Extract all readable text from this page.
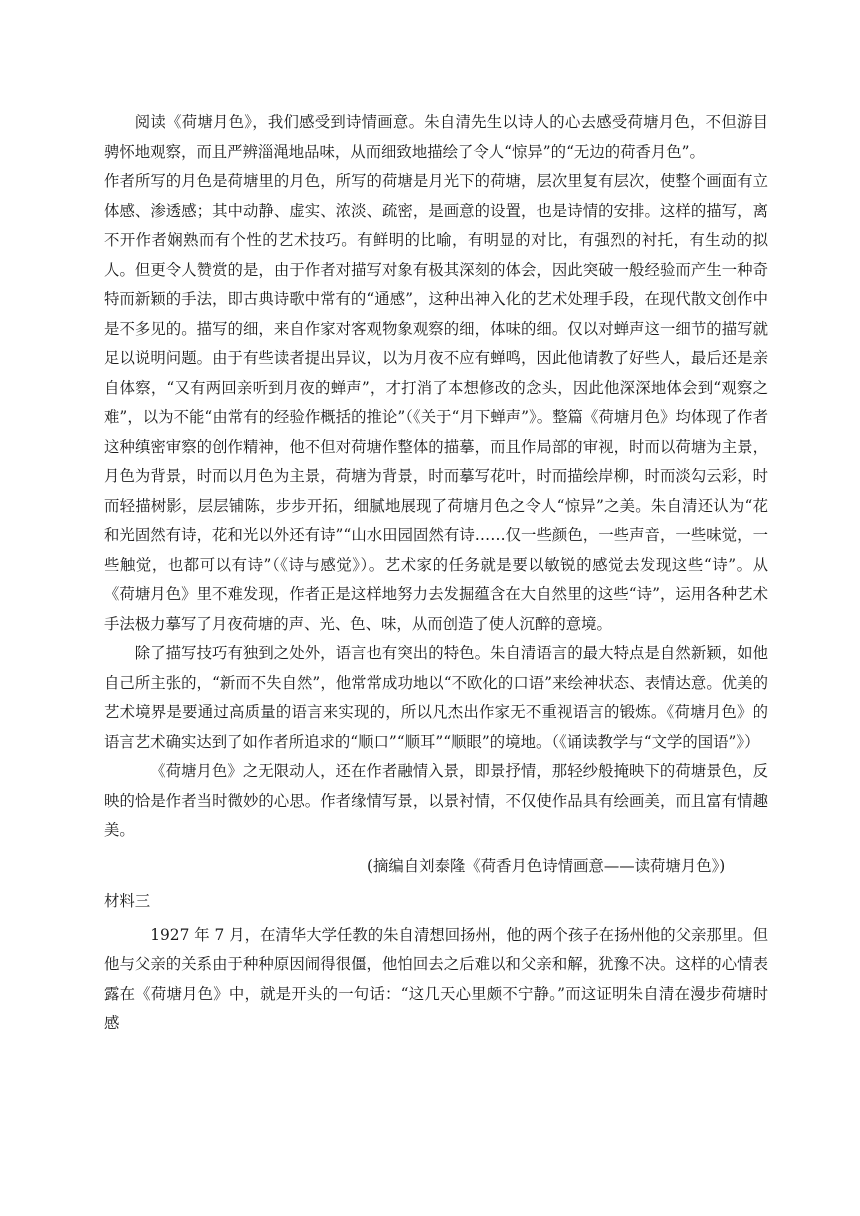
阅读《荷塘月色》，我们感受到诗情画意。朱自清先生以诗人的心去感受荷塘月色，不但游目骋怀地观察，而且严辨淄渑地品味，从而细致地描绘了令人“惊异”的“无边的荷香月色”。

作者所写的月色是荷塘里的月色，所写的荷塘是月光下的荷塘，层次里复有层次，使整个画面有立体感、渗透感；其中动静、虚实、浓淡、疏密，是画意的设置，也是诗情的安排。这样的描写，离不开作者娴熟而有个性的艺术技巧。有鲜明的比喻，有明显的对比，有强烈的衬托，有生动的拟人。但更令人赞赏的是，由于作者对描写对象有极其深刻的体会，因此突破一般经验而产生一种奇特而新颖的手法，即古典诗歌中常有的“通感”，这种出神入化的艺术处理手段，在现代散文创作中是不多见的。描写的细，来自作家对客观物象观察的细，体味的细。仅以对蝉声这一细节的描写就足以说明问题。由于有些读者提出异议，以为月夜不应有蝉鸣，因此他请教了好些人，最后还是亲自体察，“又有两回亲听到月夜的蝉声”，才打消了本想修改的念头，因此他深深地体会到“观察之难”，以为不能“由常有的经验作概括的推论”（《关于“月下蝉声”》。整篇《荷塘月色》均体现了作者这种缜密审察的创作精神，他不但对荷塘作整体的描摹，而且作局部的审视，时而以荷塘为主景，月色为背景，时而以月色为主景，荷塘为背景，时而摹写花叶，时而描绘岸柳，时而淡勾云彩，时而轻描树影，层层铺陈，步步开拓，细腻地展现了荷塘月色之令人“惊异”之美。朱自清还认为“花和光固然有诗，花和光以外还有诗”“山水田园固然有诗……仅一些颜色，一些声音，一些味觉，一些触觉，也都可以有诗”（《诗与感觉》）。艺术家的任务就是要以敏锐的感觉去发现这些“诗”。从《荷塘月色》里不难发现，作者正是这样地努力去发掘蕴含在大自然里的这些“诗”，运用各种艺术手法极力摹写了月夜荷塘的声、光、色、味，从而创造了使人沉醉的意境。

除了描写技巧有独到之处外，语言也有突出的特色。朱自清语言的最大特点是自然新颖，如他自己所主张的，“新而不失自然”，他常常成功地以“不欧化的口语”来绘神状态、表情达意。优美的艺术境界是要通过高质量的语言来实现的，所以凡杰出作家无不重视语言的锻炼。《荷塘月色》的语言艺术确实达到了如作者所追求的“顺口”“顺耳”“顺眼”的境地。（《诵读教学与“文学的国语”》）

《荷塘月色》之无限动人，还在作者融情入景，即景抒情，那轻纱般掩映下的荷塘景色，反映的恰是作者当时微妙的心思。作者缘情写景，以景衬情，不仅使作品具有绘画美，而且富有情趣美。

(摘编自刘泰隆《荷香月色诗情画意——读荷塘月色》)

材料三

1927 年 7 月，在清华大学任教的朱自清想回扬州，他的两个孩子在扬州他的父亲那里。但他与父亲的关系由于种种原因闹得很僵，他怕回去之后难以和父亲和解，犹豫不决。这样的心情表露在《荷塘月色》中，就是开头的一句话：“这几天心里颇不宁静。”而这证明朱自清在漫步荷塘时感
